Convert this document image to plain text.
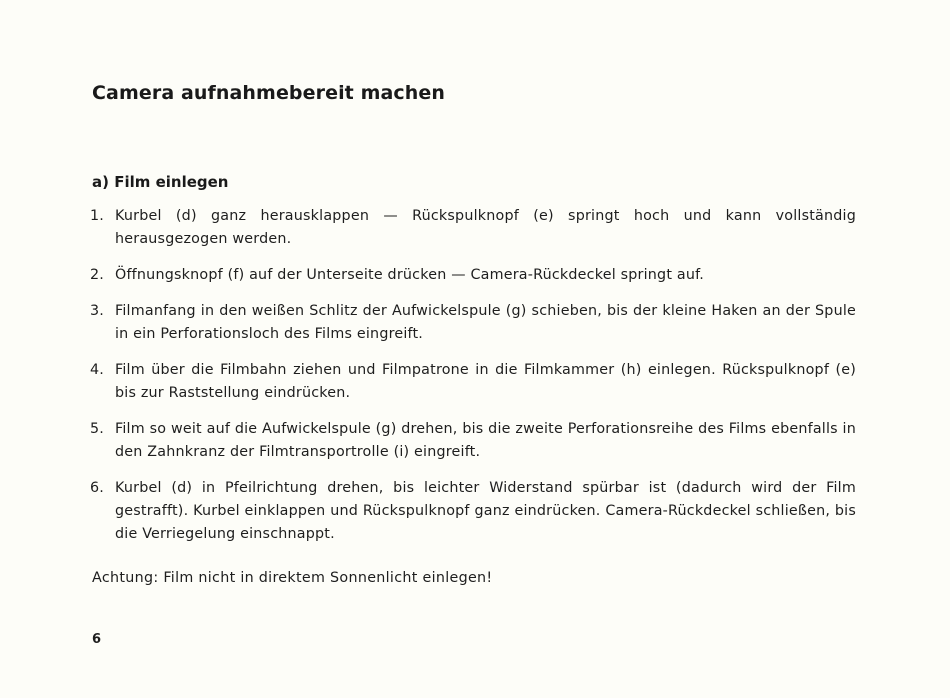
Camera aufnahmebereit machen
a) Film einlegen
1. Kurbel (d) ganz herausklappen — Rückspulknopf (e) springt hoch und kann vollständig herausgezogen werden.
2. Öffnungsknopf (f) auf der Unterseite drücken — Camera-Rückdeckel springt auf.
3. Filmanfang in den weißen Schlitz der Aufwickelspule (g) schieben, bis der kleine Haken an der Spule in ein Perforationsloch des Films eingreift.
4. Film über die Filmbahn ziehen und Filmpatrone in die Filmkammer (h) einlegen. Rückspulknopf (e) bis zur Raststellung eindrücken.
5. Film so weit auf die Aufwickelspule (g) drehen, bis die zweite Perforationsreihe des Films ebenfalls in den Zahnkranz der Filmtransportrolle (i) eingreift.
6. Kurbel (d) in Pfeilrichtung drehen, bis leichter Widerstand spürbar ist (dadurch wird der Film gestrafft). Kurbel einklappen und Rückspulknopf ganz eindrücken. Camera-Rückdeckel schließen, bis die Verriegelung einschnappt.
Achtung: Film nicht in direktem Sonnenlicht einlegen!
6
